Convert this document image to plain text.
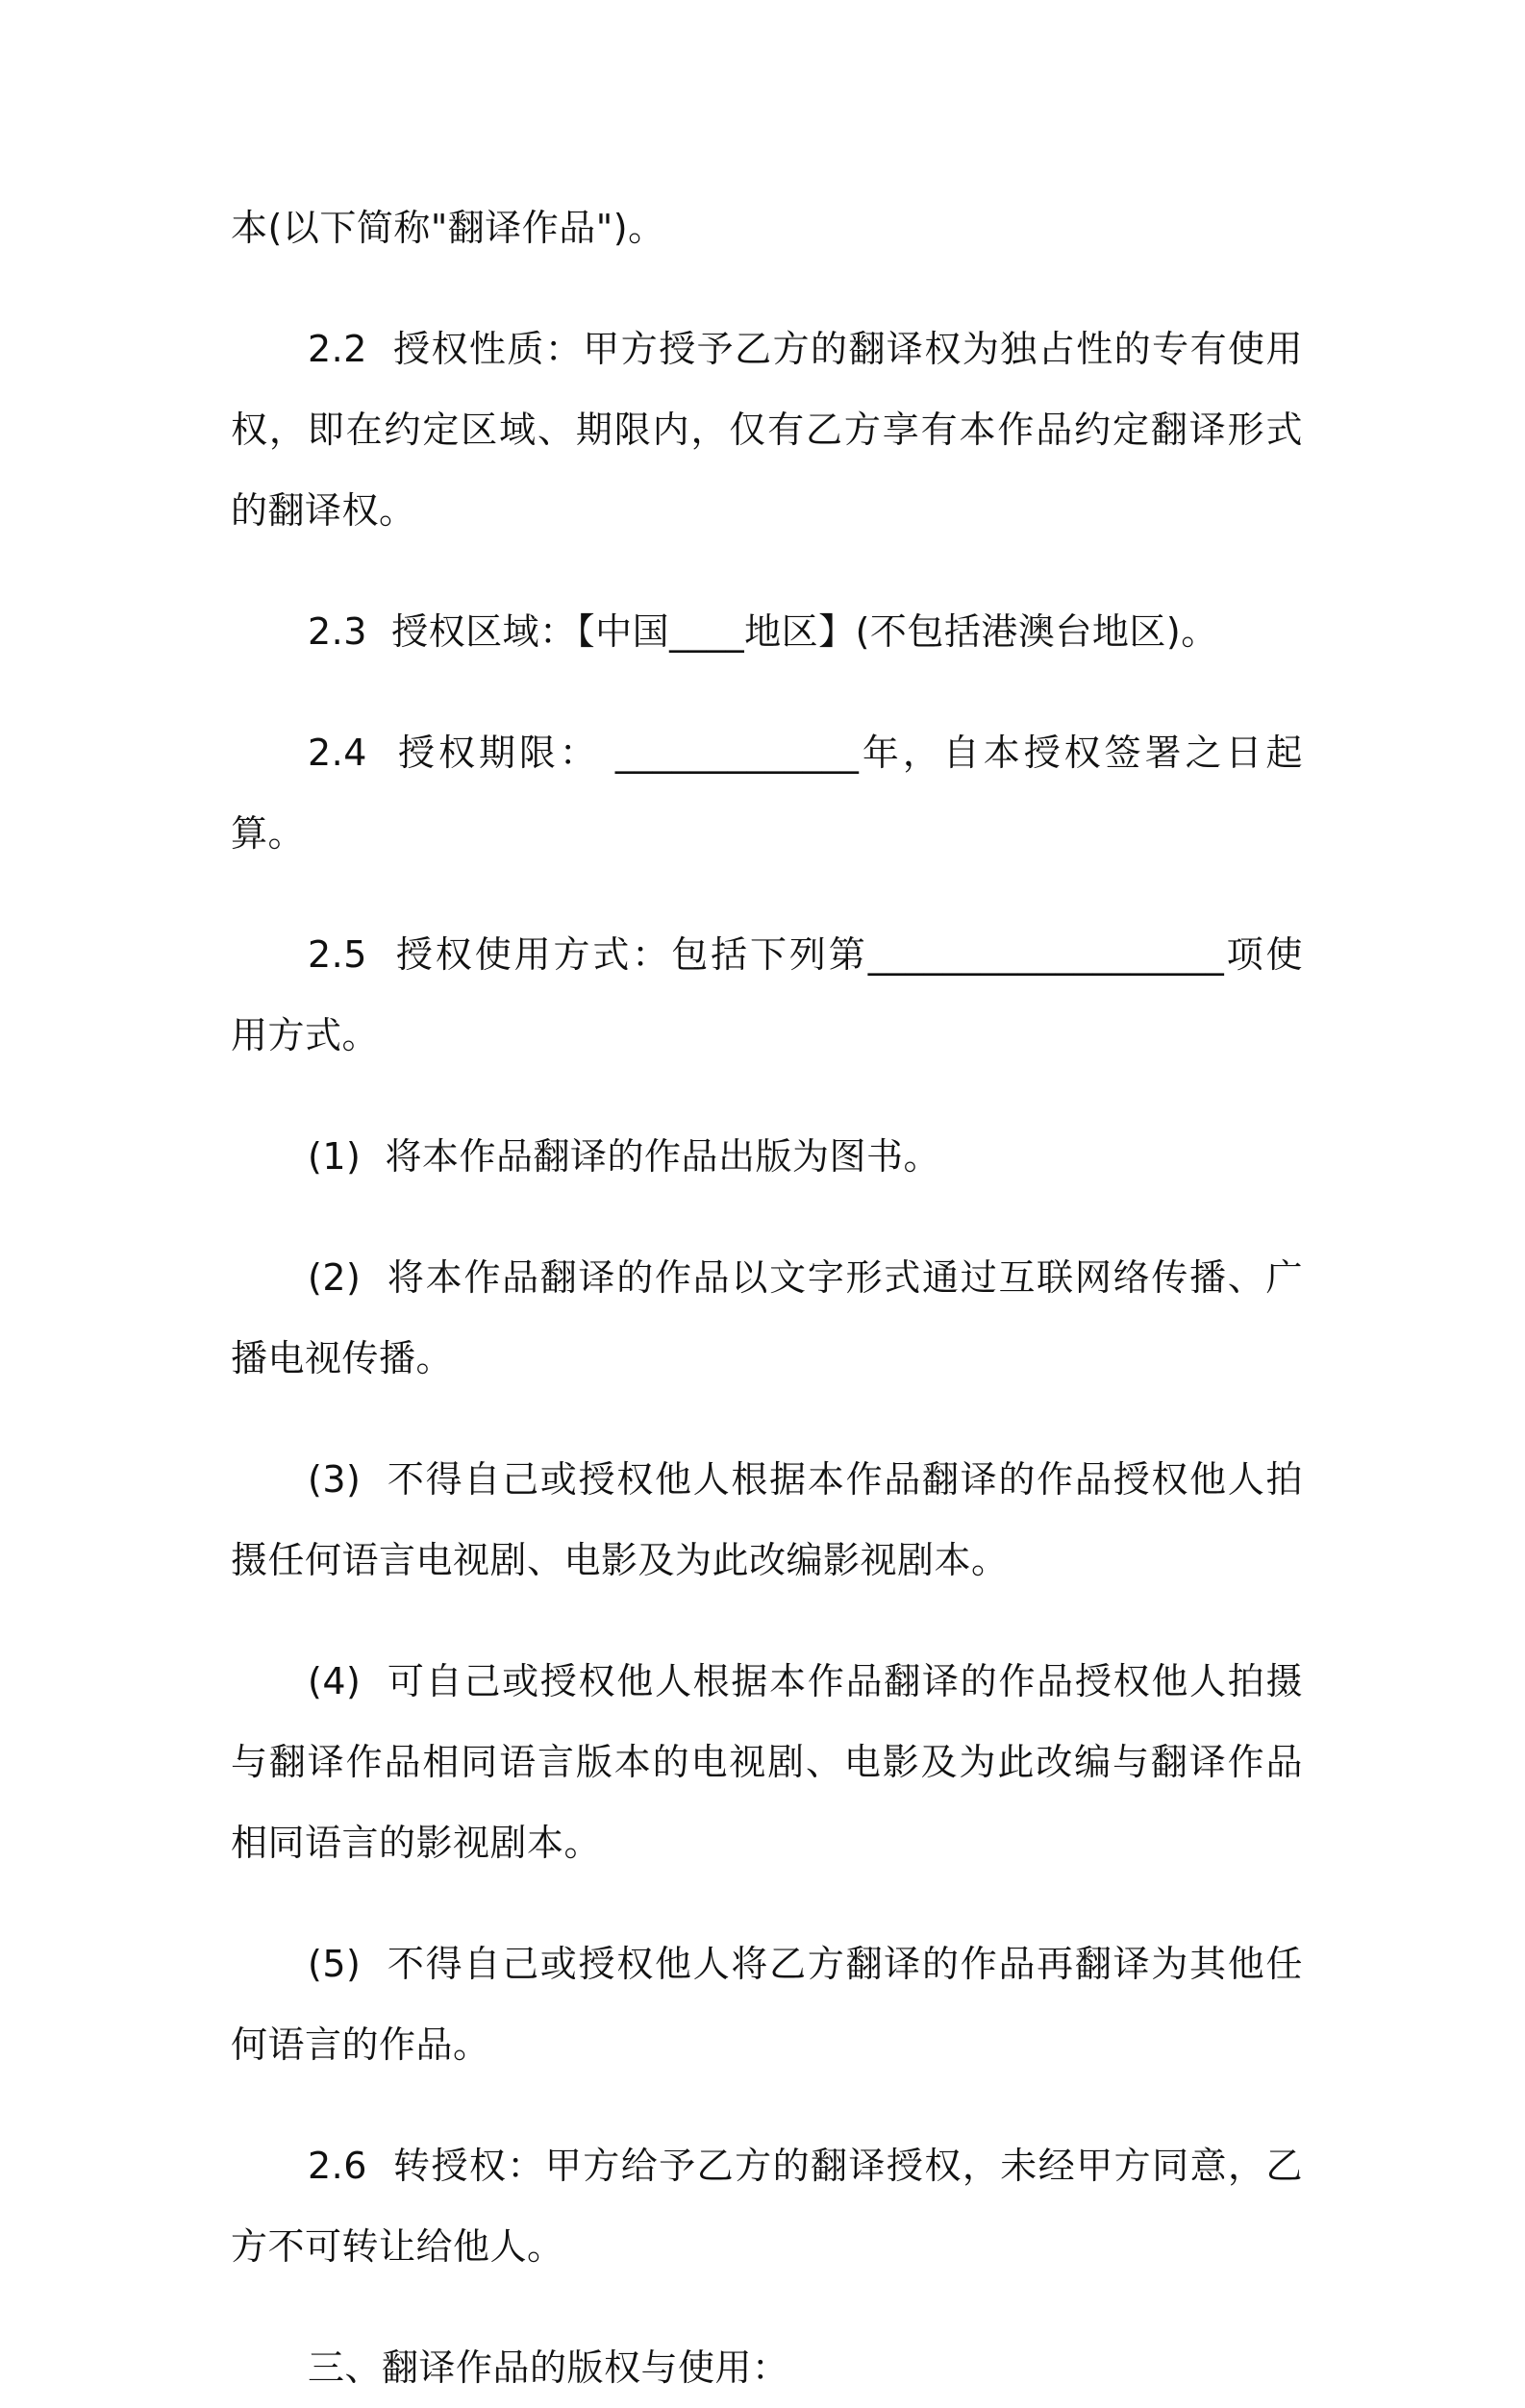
本(以下简称"翻译作品")。

2.2  授权性质：甲方授予乙方的翻译权为独占性的专有使用权，即在约定区域、期限内，仅有乙方享有本作品约定翻译形式的翻译权。

2.3  授权区域：【中国____地区】(不包括港澳台地区)。

2.4  授权期限： _____________年，自本授权签署之日起算。

2.5  授权使用方式：包括下列第___________________项使用方式。

(1)  将本作品翻译的作品出版为图书。

(2)  将本作品翻译的作品以文字形式通过互联网络传播、广播电视传播。

(3)  不得自己或授权他人根据本作品翻译的作品授权他人拍摄任何语言电视剧、电影及为此改编影视剧本。

(4)  可自己或授权他人根据本作品翻译的作品授权他人拍摄与翻译作品相同语言版本的电视剧、电影及为此改编与翻译作品相同语言的影视剧本。

(5)  不得自己或授权他人将乙方翻译的作品再翻译为其他任何语言的作品。

2.6  转授权：甲方给予乙方的翻译授权，未经甲方同意，乙方不可转让给他人。

三、翻译作品的版权与使用：
